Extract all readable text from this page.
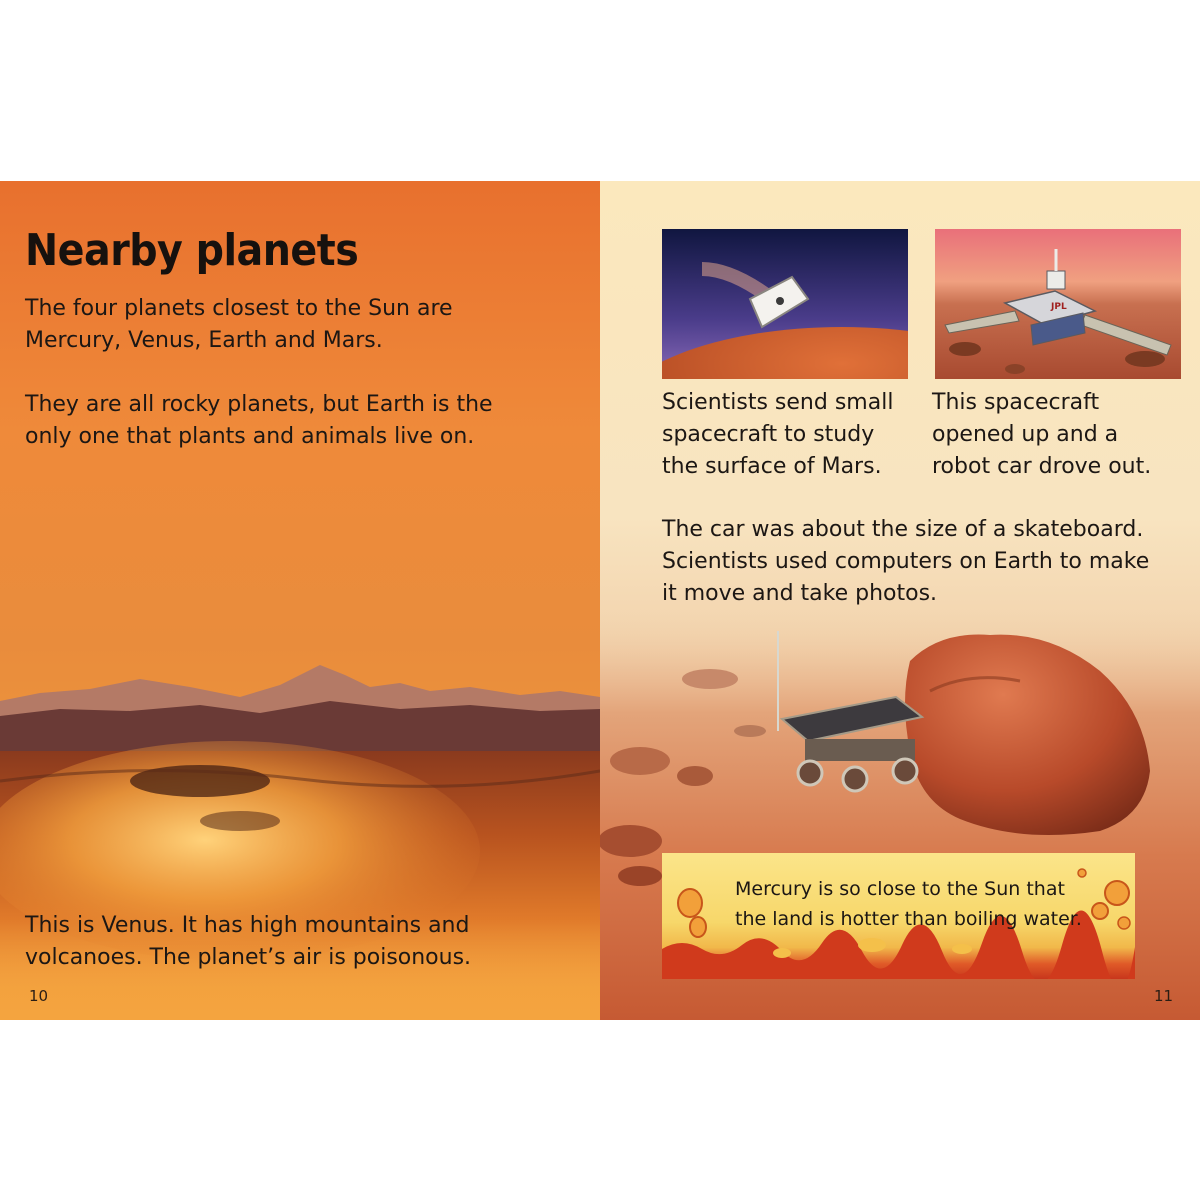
Nearby planets

The four planets closest to the Sun are

Mercury, Venus, Earth and Mars.

They are all rocky planets, but Earth is the

only one that plants and animals live on.

This is Venus. It has high mountains and

volcanoes. The planet’s air is poisonous.

10

JPL

Scientists send small

spacecraft to study

the surface of Mars.

This spacecraft

opened up and a

robot car drove out.

The car was about the size of a skateboard.

Scientists used computers on Earth to make

it move and take photos.

Mercury is so close to the Sun that

the land is hotter than boiling water.

11
